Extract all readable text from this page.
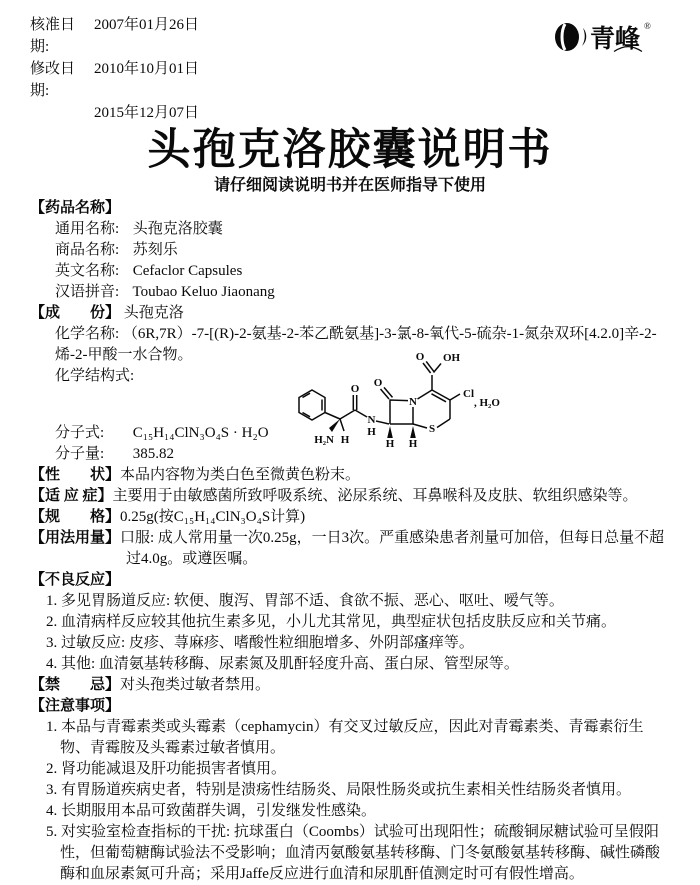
核准日期:
2007年01月26日
修改日期:
2010年10月01日
2015年12月07日
青峰 ®
头孢克洛胶囊说明书
请仔细阅读说明书并在医师指导下使用

【药品名称】

通用名称: 头孢克洛胶囊

商品名称: 苏刻乐

英文名称: Cefaclor Capsules

汉语拼音: Toubao Keluo Jiaonang

【成　　份】 头孢克洛

化学名称: （6R,7R）-7-[(R)-2-氨基-2-苯乙酰氨基]-3-氯-8-氧代-5-硫杂-1-氮杂双环[4.2.0]辛-2-烯-2-甲酸一水合物。

化学结构式:

分子式: C₁₅H₁₄ClN₃O₄S · H₂O

分子量: 385.82

O
O
O OH
N
H
N
S
Cl
H₂N H	H H
, H₂O

【性　　状】本品内容物为类白色至微黄色粉末。

【适 应 症】主要用于由敏感菌所致呼吸系统、泌尿系统、耳鼻喉科及皮肤、软组织感染等。

【规　　格】0.25g(按C₁₅H₁₄ClN₃O₄S计算)

【用法用量】口服: 成人常用量一次0.25g，一日3次。严重感染患者剂量可加倍，但每日总量不超过4.0g。或遵医嘱。

【不良反应】

1. 多见胃肠道反应: 软便、腹泻、胃部不适、食欲不振、恶心、呕吐、嗳气等。

2. 血清病样反应较其他抗生素多见，小儿尤其常见，典型症状包括皮肤反应和关节痛。

3. 过敏反应: 皮疹、荨麻疹、嗜酸性粒细胞增多、外阴部瘙痒等。

4. 其他: 血清氨基转移酶、尿素氮及肌酐轻度升高、蛋白尿、管型尿等。

【禁　　忌】对头孢类过敏者禁用。

【注意事项】

1. 本品与青霉素类或头霉素（cephamycin）有交叉过敏反应，因此对青霉素类、青霉素衍生物、青霉胺及头霉素过敏者慎用。

2. 肾功能减退及肝功能损害者慎用。

3. 有胃肠道疾病史者，特别是溃疡性结肠炎、局限性肠炎或抗生素相关性结肠炎者慎用。

4. 长期服用本品可致菌群失调，引发继发性感染。

5. 对实验室检查指标的干扰: 抗球蛋白（Coombs）试验可出现阳性；硫酸铜尿糖试验可呈假阳性，但葡萄糖酶试验法不受影响；血清丙氨酸氨基转移酶、门冬氨酸氨基转移酶、碱性磷酸酶和血尿素氮可升高；采用Jaffe反应进行血清和尿肌酐值测定时可有假性增高。
